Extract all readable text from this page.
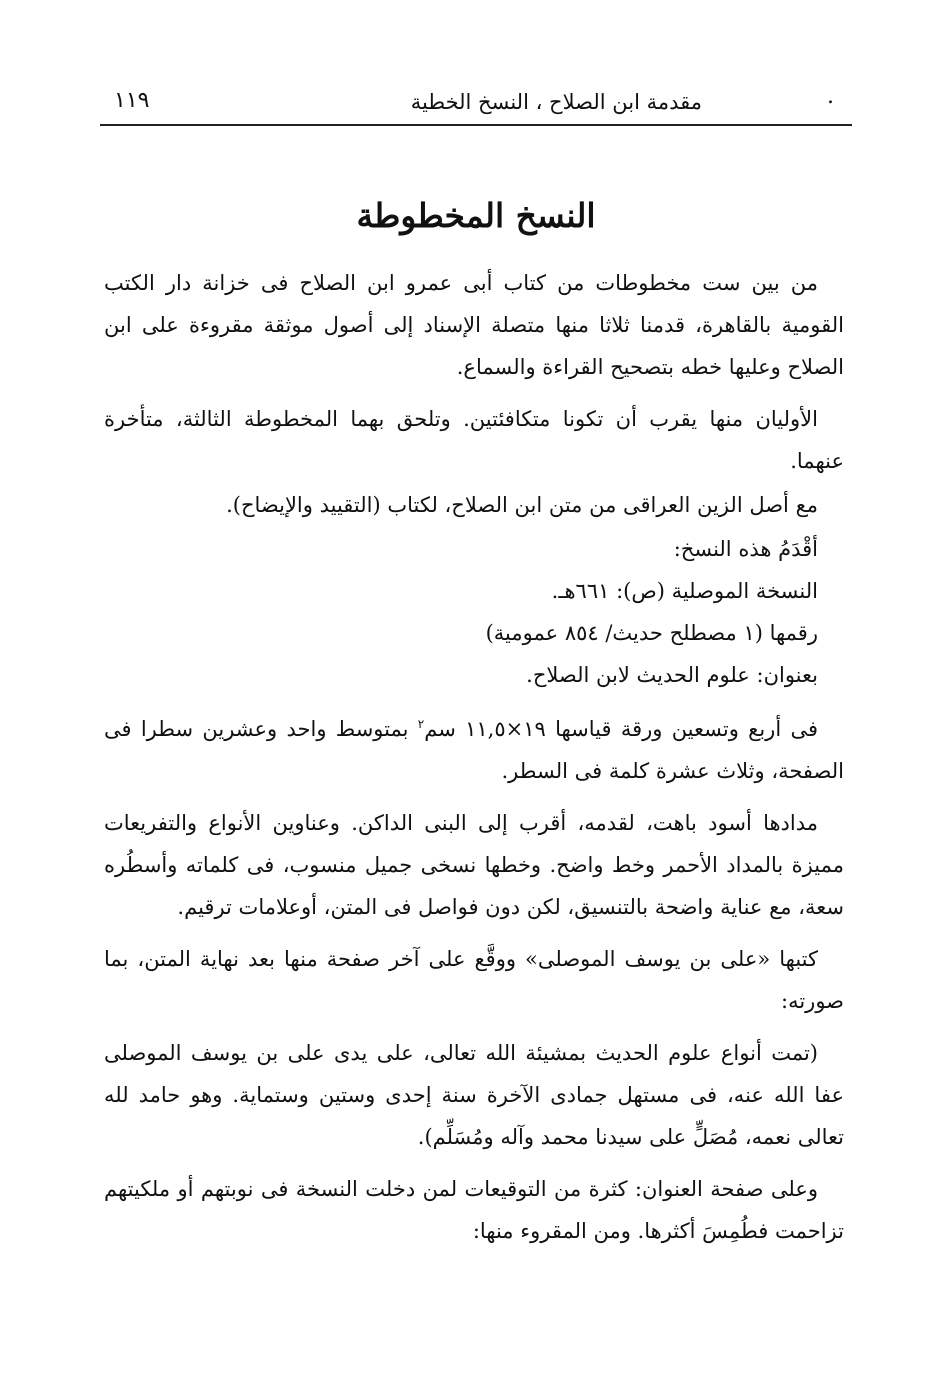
.
مقدمة ابن الصلاح ، النسخ الخطية
١١٩
النسخ المخطوطة

من بين ست مخطوطات من كتاب أبى عمرو ابن الصلاح فى خزانة دار الكتب القومية بالقاهرة، قدمنا ثلاثا منها متصلة الإسناد إلى أصول موثقة مقروءة على ابن الصلاح وعليها خطه بتصحيح القراءة والسماع.

الأوليان منها يقرب أن تكونا متكافئتين. وتلحق بهما المخطوطة الثالثة، متأخرة عنهما.

مع أصل الزين العراقى من متن ابن الصلاح، لكتاب (التقييد والإيضاح).

أقْدَمُ هذه النسخ:

النسخة الموصلية (ص): ٦٦١هـ.

رقمها (١ مصطلح حديث/ ٨٥٤ عمومية)

بعنوان: علوم الحديث لابن الصلاح.

فى أربع وتسعين ورقة قياسها ١٩×١١,٥ سم$^٢$ بمتوسط واحد وعشرين سطرا فى الصفحة، وثلاث عشرة كلمة فى السطر.

مدادها أسود باهت، لقدمه، أقرب إلى البنى الداكن. وعناوين الأنواع والتفريعات مميزة بالمداد الأحمر وخط واضح. وخطها نسخى جميل منسوب، فى كلماته وأسطُره سعة، مع عناية واضحة بالتنسيق، لكن دون فواصل فى المتن، أوعلامات ترقيم.

كتبها «على بن يوسف الموصلى» ووقَّع على آخر صفحة منها بعد نهاية المتن، بما صورته:

(تمت أنواع علوم الحديث بمشيئة الله تعالى، على يدى على بن يوسف الموصلى عفا الله عنه، فى مستهل جمادى الآخرة سنة إحدى وستين وستماية. وهو حامد لله تعالى نعمه، مُصَلٍّ على سيدنا محمد وآله ومُسَلِّم).

وعلى صفحة العنوان: كثرة من التوقيعات لمن دخلت النسخة فى نوبتهم أو ملكيتهم تزاحمت فطُمِسَ أكثرها. ومن المقروء منها:
